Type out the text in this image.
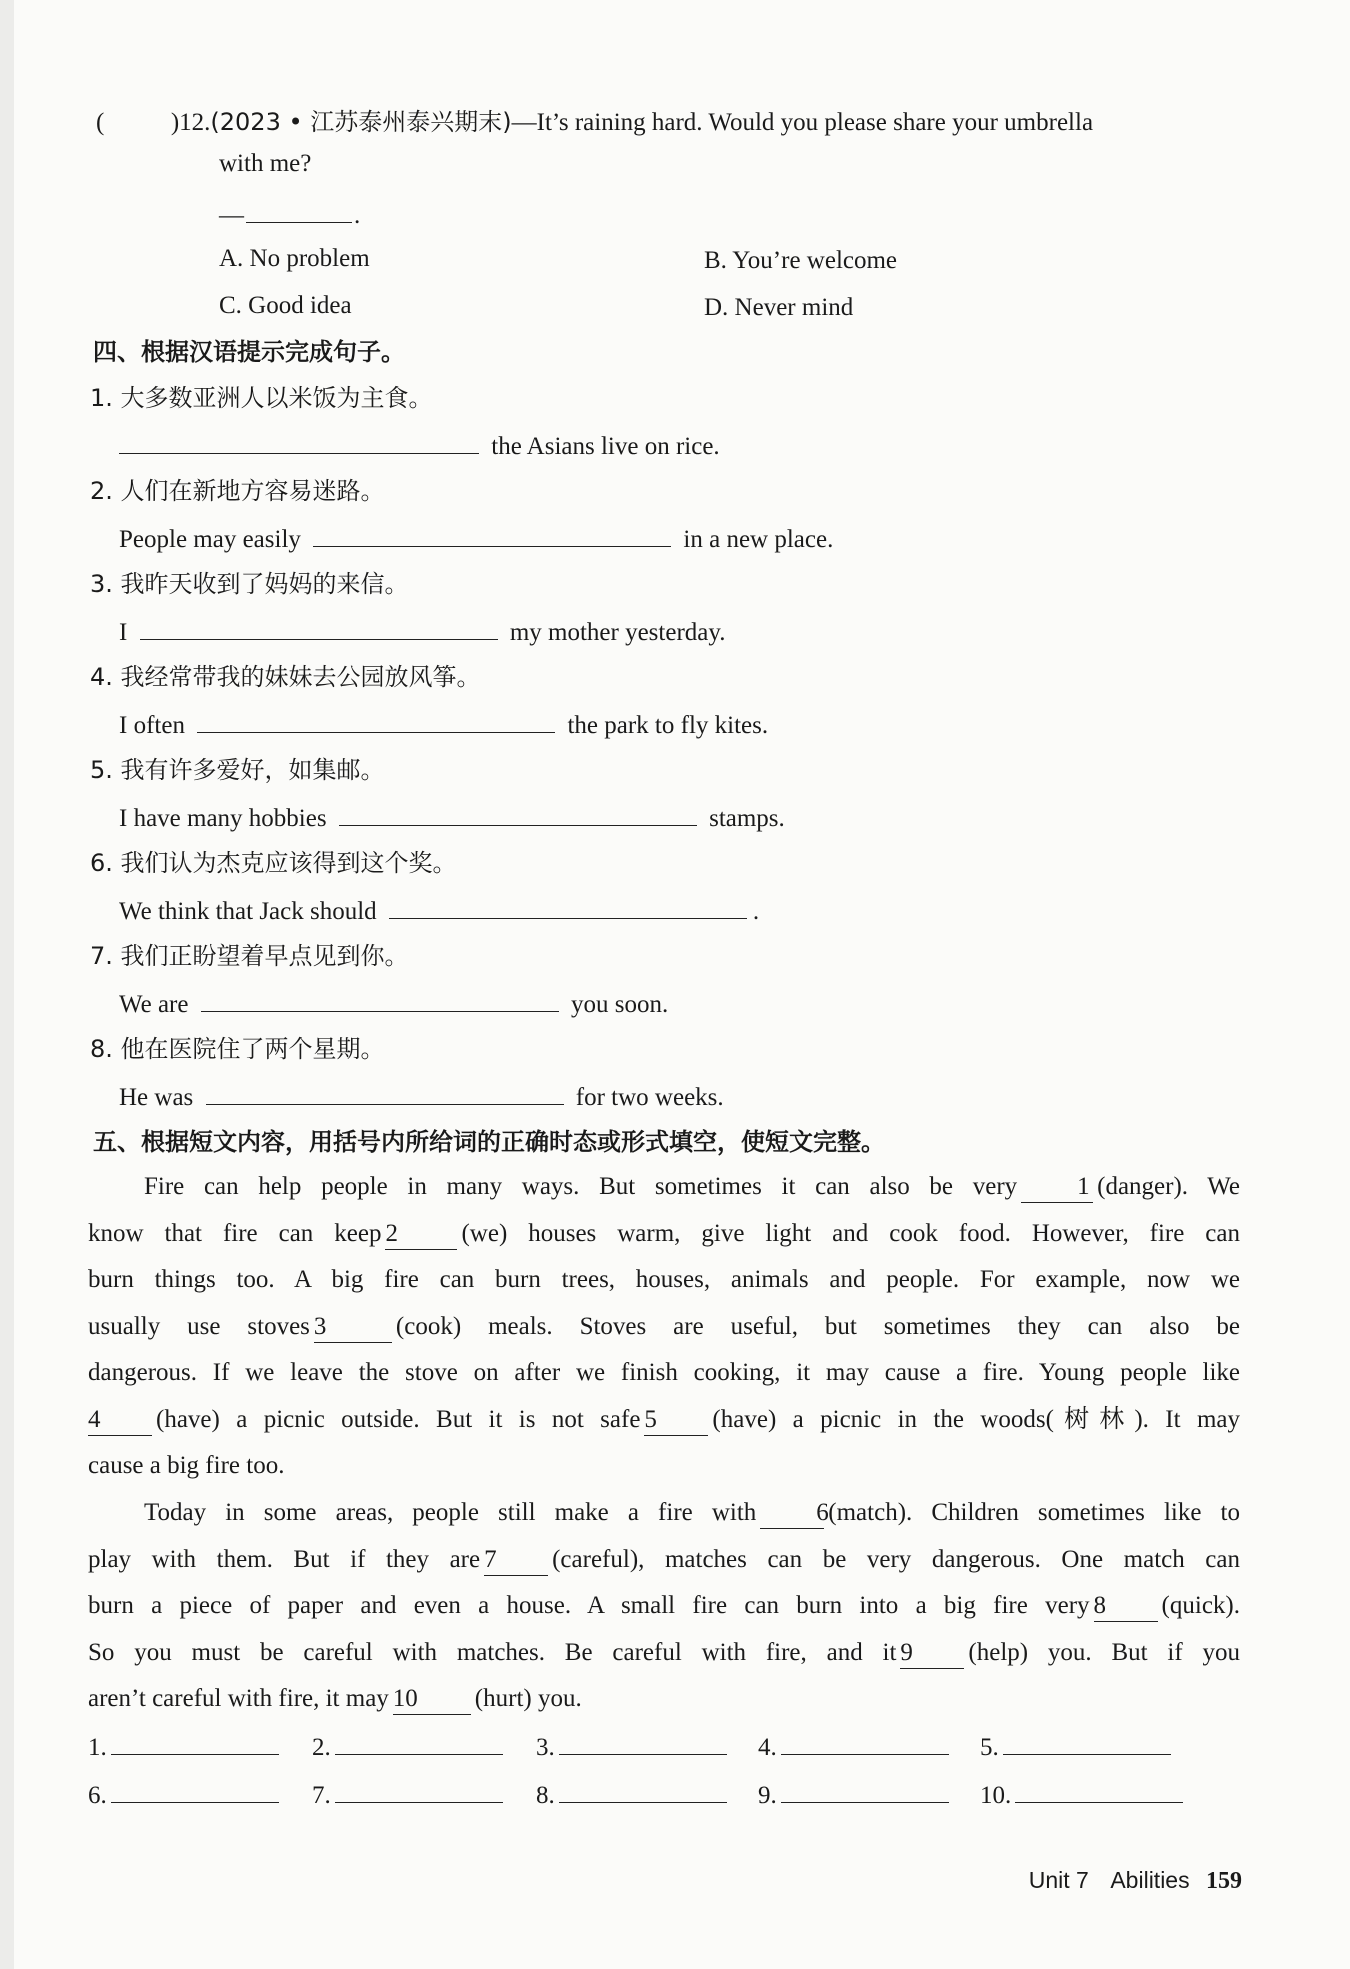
(	)12.(2023 • 江苏泰州泰兴期末)—It’s raining hard. Would you please share your umbrella
with me?
—	.
A. No problem	B. You’re welcome
C. Good idea	D. Never mind
四、根据汉语提示完成句子。
1. 大多数亚洲人以米饭为主食。
the Asians live on rice.
2. 人们在新地方容易迷路。
People may easily	in a new place.
3. 我昨天收到了妈妈的来信。
I	my mother yesterday.
4. 我经常带我的妹妹去公园放风筝。
I often	the park to fly kites.
5. 我有许多爱好，如集邮。
I have many hobbies	stamps.
6. 我们认为杰克应该得到这个奖。
We think that Jack should	.
7. 我们正盼望着早点见到你。
We are	you soon.
8. 他在医院住了两个星期。
He was	for two weeks.
五、根据短文内容，用括号内所给词的正确时态或形式填空，使短文完整。

Fire can help people in many ways. But sometimes it can also be very 1 (danger). We

know that fire can keep 2	(we) houses warm, give light and cook food. However, fire can

burn things too. A big fire can burn trees, houses, animals and people. For example, now we

usually use stoves 3	(cook) meals. Stoves are useful, but sometimes they can also be

dangerous. If we leave the stove on after we finish cooking, it may cause a fire. Young people like

4 (have) a picnic outside. But it is not safe 5 (have) a picnic in the woods(树林). It may

cause a big fire too.

Today in some areas, people still make a fire with 6(match). Children sometimes like to

play with them. But if they are 7 (careful), matches can be very dangerous. One match can

burn a piece of paper and even a house. A small fire can burn into a big fire very 8 (quick).

So you must be careful with matches. Be careful with fire, and it 9 (help) you. But if you

aren’t careful with fire, it may 10 (hurt) you.

1.	2.	3.	4.	5.
6.	7.	8.	9.	10.
Unit 7 Abilities 159
